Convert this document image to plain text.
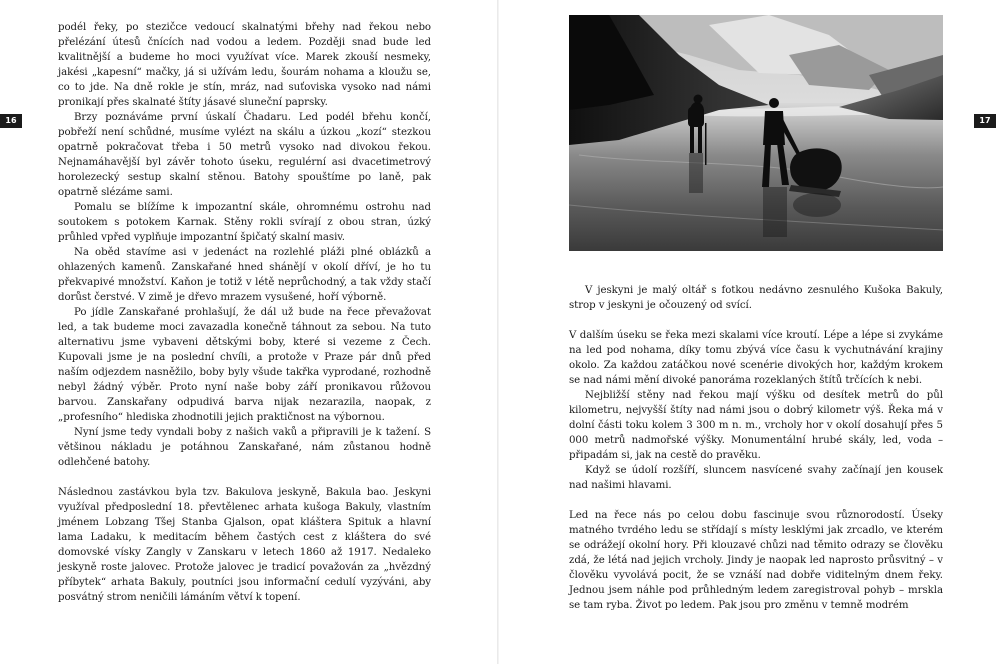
16	17

podél řeky, po stezičce vedoucí skalnatými břehy nad řekou nebo přelézání útesů čnících nad vodou a ledem. Později snad bude led kvalitnější a budeme ho moci využívat více. Marek zkouší nesmeky, jakési „kapesní“ mačky, já si užívám ledu, šourám nohama a kloužu se, co to jde. Na dně rokle je stín, mráz, nad suťoviska vysoko nad námi pronikají přes skalnaté štíty jásavé sluneční paprsky.

Brzy poznáváme první úskalí Čhadaru. Led podél břehu končí, pobřeží není schůdné, musíme vylézt na skálu a úzkou „kozí“ stezkou opatrně pokračovat třeba i 50 metrů vysoko nad divokou řekou. Nejnamáhavější byl závěr tohoto úseku, regulérní asi dvacetimetrový horolezecký sestup skalní stěnou. Batohy spouštíme po laně, pak opatrně slézáme sami.

Pomalu se blížíme k impozantní skále, ohromnému ostrohu nad soutokem s potokem Karnak. Stěny rokli svírají z obou stran, úzký průhled vpřed vyplňuje impozantní špičatý skalní masiv.

Na oběd stavíme asi v jedenáct na rozlehlé pláži plné oblázků a ohlazených kamenů. Zanskařané hned shánějí v okolí dříví, je ho tu překvapivé množství. Kaňon je totiž v létě neprůchodný, a tak vždy stačí dorůst čerstvé. V zimě je dřevo mrazem vysušené, hoří výborně.

Po jídle Zanskařané prohlašují, že dál už bude na řece převažovat led, a tak budeme moci zavazadla konečně táhnout za sebou. Na tuto alternativu jsme vybaveni dětskými boby, které si vezeme z Čech. Kupovali jsme je na poslední chvíli, a protože v Praze pár dnů před naším odjezdem nasněžilo, boby byly všude takřka vyprodané, rozhodně nebyl žádný výběr. Proto nyní naše boby září pronikavou růžovou barvou. Zanskařany odpudivá barva nijak nezarazila, naopak, z „profesního“ hlediska zhodnotili jejich praktičnost na výbornou.

Nyní jsme tedy vyndali boby z našich vaků a připravili je k tažení. S většinou nákladu je potáhnou Zanskařané, nám zůstanou hodně odlehčené batohy.

Následnou zastávkou byla tzv. Bakulova jeskyně, Bakula bao. Jeskyni využíval předposlední 18. převtělenec arhata kušoga Bakuly, vlastním jménem Lobzang Tšej Stanba Gjalson, opat kláštera Spituk a hlavní lama Ladaku, k meditacím během častých cest z kláštera do své domovské vísky Zangly v Zanskaru v letech 1860 až 1917. Nedaleko jeskyně roste jalovec. Protože jalovec je tradicí považován za „hvězdný příbytek“ arhata Bakuly, poutníci jsou informační cedulí vyzýváni, aby posvátný strom neničili lámáním větví k topení.

V jeskyni je malý oltář s fotkou nedávno zesnulého Kušoka Bakuly, strop v jeskyni je očouzený od svící.

V dalším úseku se řeka mezi skalami více kroutí. Lépe a lépe si zvykáme na led pod nohama, díky tomu zbývá více času k vychutnávání krajiny okolo. Za každou zatáčkou nové scenérie divokých hor, každým krokem se nad námi mění divoké panoráma rozeklaných štítů trčících k nebi.

Nejbližší stěny nad řekou mají výšku od desítek metrů do půl kilometru, nejvyšší štíty nad námi jsou o dobrý kilometr výš. Řeka má v dolní části toku kolem 3 300 m n. m., vrcholy hor v okolí dosahují přes 5 000 metrů nadmořské výšky. Monumentální hrubé skály, led, voda – připadám si, jak na cestě do pravěku.

Když se údolí rozšíří, sluncem nasvícené svahy začínají jen kousek nad našimi hlavami.

Led na řece nás po celou dobu fascinuje svou různorodostí. Úseky matného tvrdého ledu se střídají s místy lesklými jak zrcadlo, ve kterém se odrážejí okolní hory. Při klouzavé chůzi nad těmito odrazy se člověku zdá, že létá nad jejich vrcholy. Jindy je naopak led naprosto průsvitný – v člověku vyvolává pocit, že se vznáší nad dobře viditelným dnem řeky. Jednou jsem náhle pod průhledným ledem zaregistroval pohyb – mrskla se tam ryba. Život po ledem. Pak jsou pro změnu v temně modrém
